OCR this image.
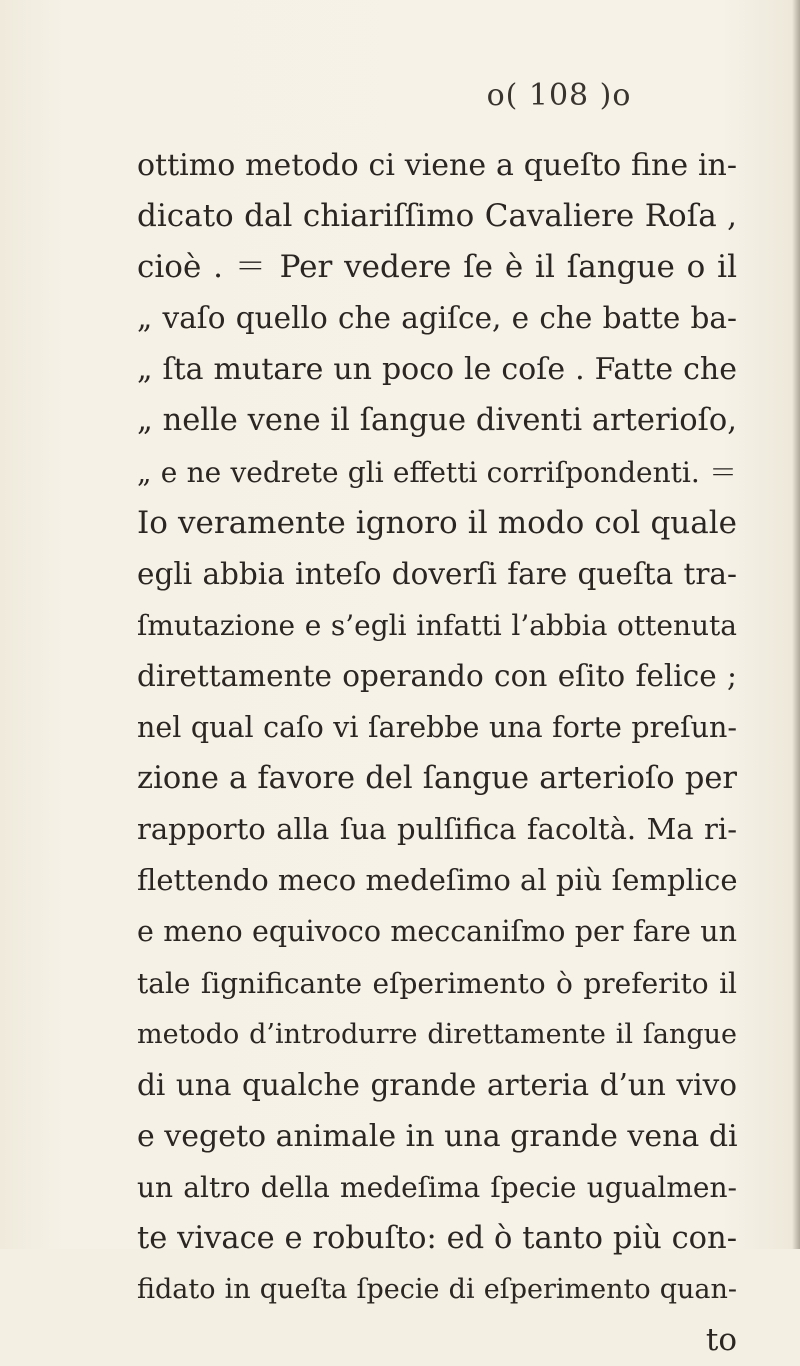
o( 108 )o
ottimo metodo ci viene a queſto fine in-
dicato dal chiariſſimo Cavaliere Roſa ,
cioè . ＝ Per vedere ſe è il ſangue o il
„ vaſo quello che agiſce, e che batte ba-
„ ſta mutare un poco le coſe . Fatte che
„ nelle vene il ſangue diventi arterioſo,
„ e ne vedrete gli effetti corriſpondenti. ＝
Io veramente ignoro il modo col quale
egli abbia inteſo doverſi fare queſta tra-
ſmutazione e s’egli infatti l’abbia ottenuta
direttamente operando con eſito felice ;
nel qual caſo vi ſarebbe una forte preſun-
zione a favore del ſangue arterioſo per
rapporto alla ſua pulſifica facoltà. Ma ri-
flettendo meco medeſimo al più ſemplice
e meno equivoco meccaniſmo per fare un
tale ſignificante eſperimento ò preferito il
metodo d’introdurre direttamente il ſangue
di una qualche grande arteria d’un vivo
e vegeto animale in una grande vena di
un altro della medeſima ſpecie ugualmen-
te vivace e robuſto: ed ò tanto più con-
fidato in queſta ſpecie di eſperimento quan-
to
